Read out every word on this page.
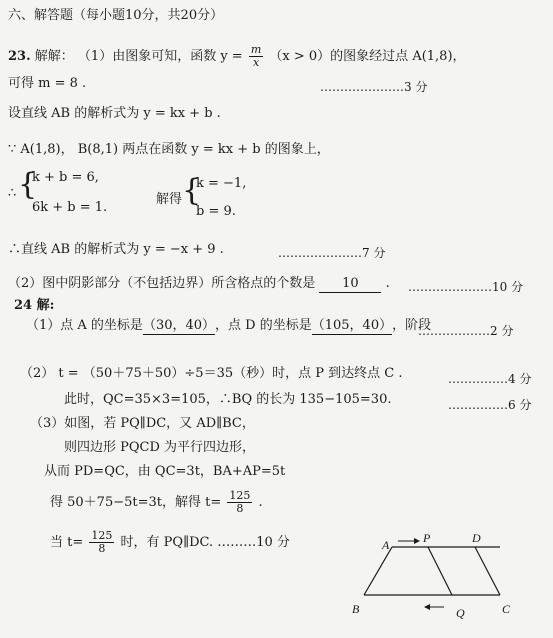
六、解答题（每小题10分，共20分）
23. 解解： （1）由图象可知，函数 $y = \frac{m}{x} (x > 0)$的图象经过点 A(1,8)，
可得 m = 8 .	…………………3 分
设直线 AB 的解析式为 y = kx + b .
∵ A(1,8)， B(8,1) 两点在函数 y = kx + b 的图象上，
∴ {
k + b = 6,
6k + b = 1.
解得 {
k = −1,
b = 9.
∴直线 AB 的解析式为 y = −x + 9 .	…………………7 分
（2）图中阴影部分（不包括边界）所含格点的个数是 10 . …………………10 分
24 解:
（1）点 A 的坐标是（30，40），点 D 的坐标是（105，40），阶段
………………2 分
（2） t = （50＋75＋50）÷5＝35（秒）时，点 P 到达终点 C .	……………4 分
此时，QC=35×3=105，∴BQ 的长为 135−105=30.	……………6 分
（3）如图，若 PQ∥DC，又 AD∥BC，
则四边形 PQCD 为平行四边形，
从而 PD=QC，由 QC=3t，BA+AP=5t
得 50＋75−5t=3t，解得 $t= \frac{125}{8}$ .
当 $t= \frac{125}{8}$ 时，有 PQ∥DC. ………10 分	A	P	D
B	Q	C
